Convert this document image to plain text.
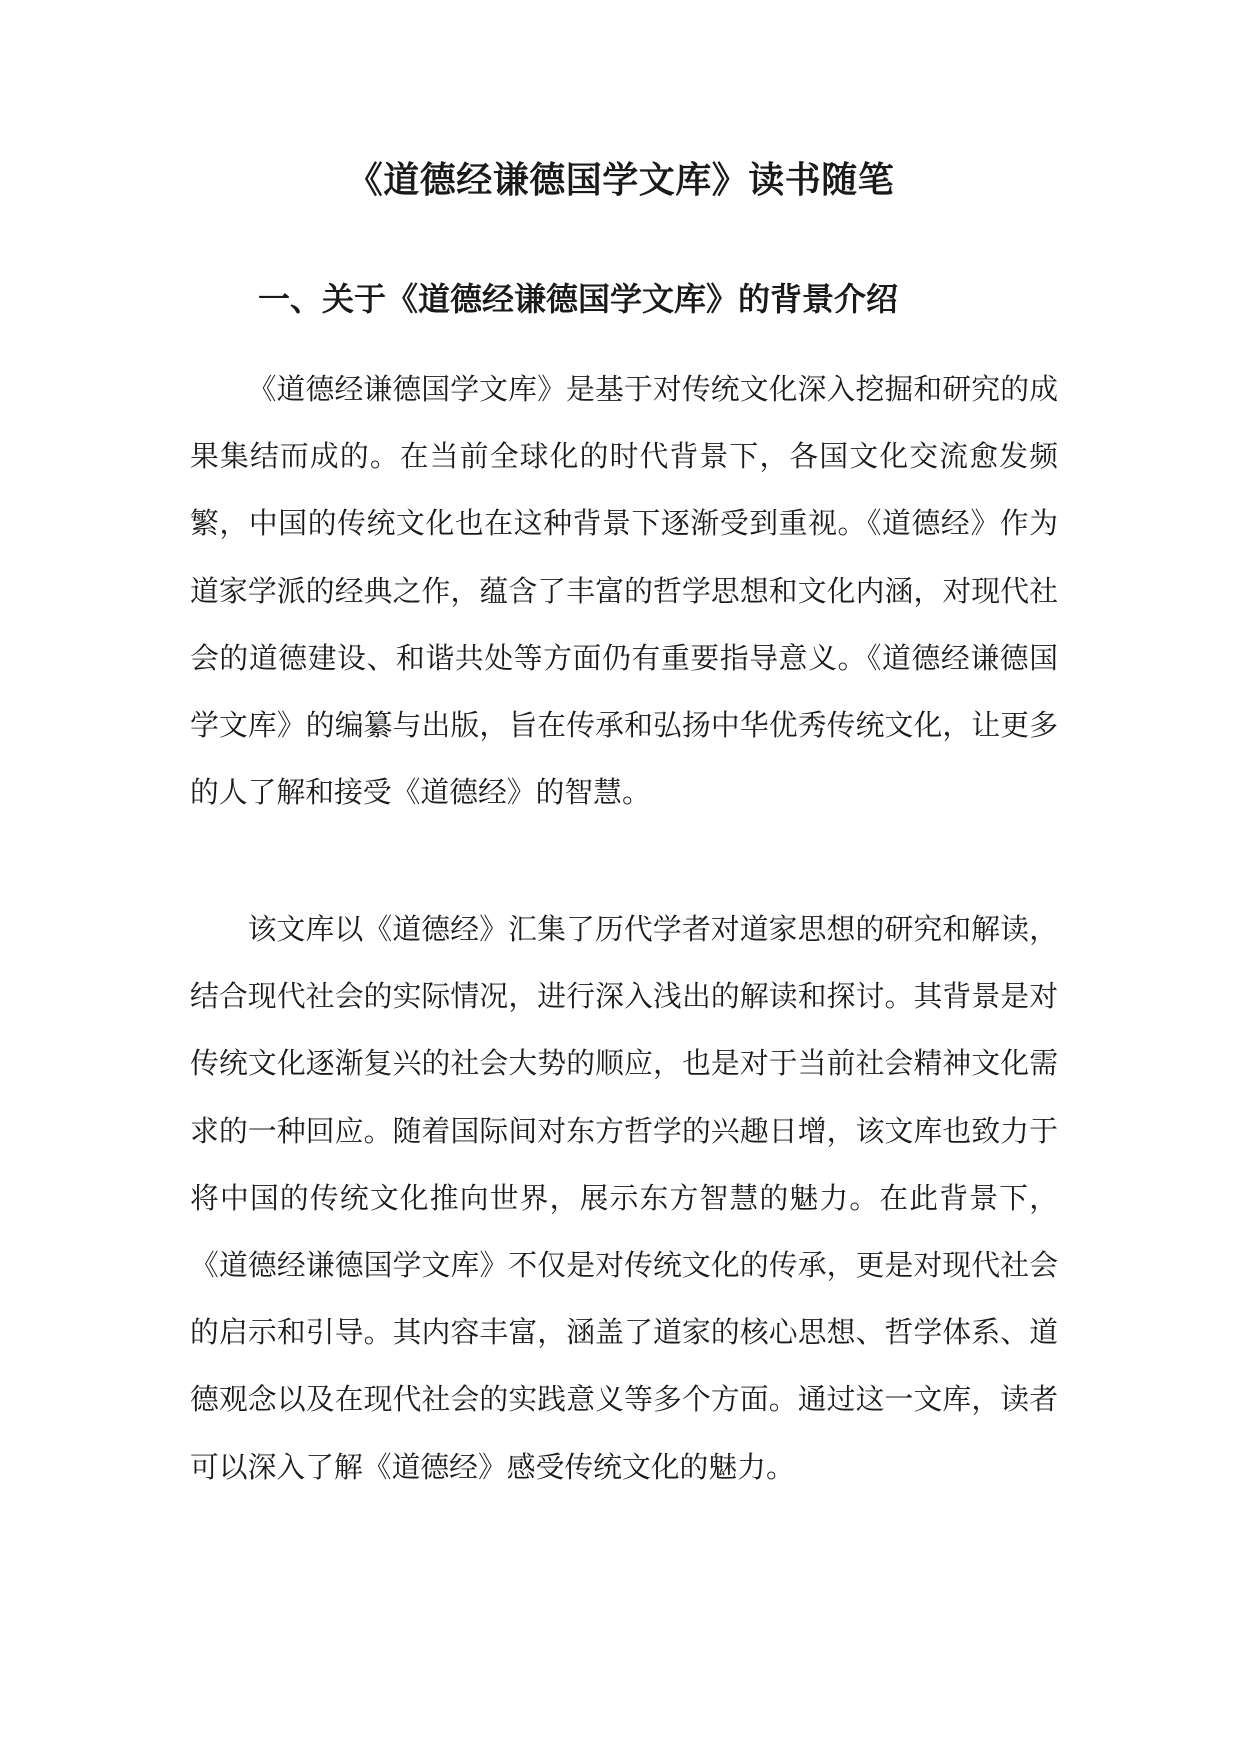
《道德经谦德国学文库》读书随笔
一、关于《道德经谦德国学文库》的背景介绍

《道德经谦德国学文库》是基于对传统文化深入挖掘和研究的成果集结而成的。在当前全球化的时代背景下，各国文化交流愈发频繁，中国的传统文化也在这种背景下逐渐受到重视。《道德经》作为道家学派的经典之作，蕴含了丰富的哲学思想和文化内涵，对现代社会的道德建设、和谐共处等方面仍有重要指导意义。《道德经谦德国学文库》的编纂与出版，旨在传承和弘扬中华优秀传统文化，让更多的人了解和接受《道德经》的智慧。

该文库以《道德经》汇集了历代学者对道家思想的研究和解读，结合现代社会的实际情况，进行深入浅出的解读和探讨。其背景是对传统文化逐渐复兴的社会大势的顺应，也是对于当前社会精神文化需求的一种回应。随着国际间对东方哲学的兴趣日增，该文库也致力于将中国的传统文化推向世界，展示东方智慧的魅力。在此背景下，《道德经谦德国学文库》不仅是对传统文化的传承，更是对现代社会的启示和引导。其内容丰富，涵盖了道家的核心思想、哲学体系、道德观念以及在现代社会的实践意义等多个方面。通过这一文库，读者可以深入了解《道德经》感受传统文化的魅力。
